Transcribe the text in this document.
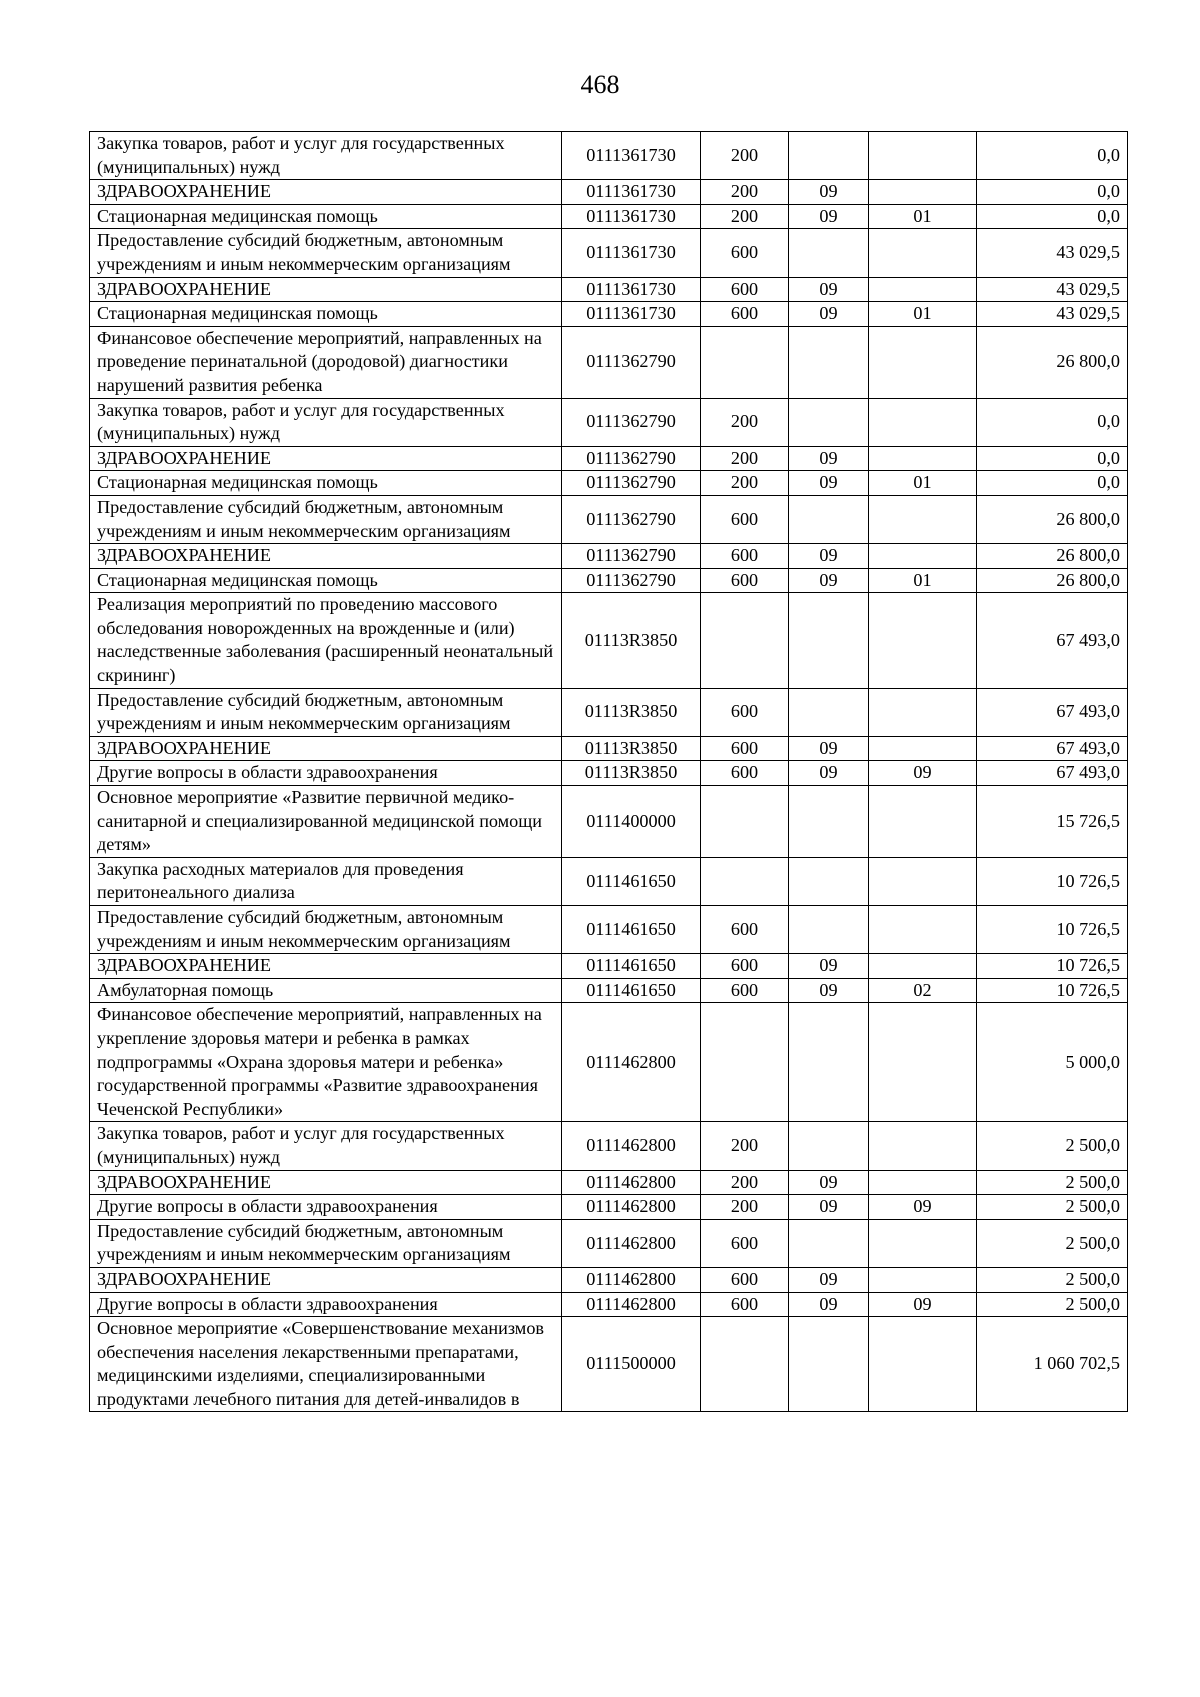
468
Закупка товаров, работ и услуг для государственных (муниципальных) нужд	0111361730	200			0,0
ЗДРАВООХРАНЕНИЕ	0111361730	200	09		0,0
Стационарная медицинская помощь	0111361730	200	09	01	0,0
Предоставление субсидий бюджетным, автономным учреждениям и иным некоммерческим организациям	0111361730	600			43 029,5
ЗДРАВООХРАНЕНИЕ	0111361730	600	09		43 029,5
Стационарная медицинская помощь	0111361730	600	09	01	43 029,5
Финансовое обеспечение мероприятий, направленных на проведение перинатальной (дородовой) диагностики нарушений развития ребенка	0111362790				26 800,0
Закупка товаров, работ и услуг для государственных (муниципальных) нужд	0111362790	200			0,0
ЗДРАВООХРАНЕНИЕ	0111362790	200	09		0,0
Стационарная медицинская помощь	0111362790	200	09	01	0,0
Предоставление субсидий бюджетным, автономным учреждениям и иным некоммерческим организациям	0111362790	600			26 800,0
ЗДРАВООХРАНЕНИЕ	0111362790	600	09		26 800,0
Стационарная медицинская помощь	0111362790	600	09	01	26 800,0
Реализация мероприятий по проведению массового обследования новорожденных на врожденные и (или) наследственные заболевания (расширенный неонатальный скрининг)	01113R3850				67 493,0
Предоставление субсидий бюджетным, автономным учреждениям и иным некоммерческим организациям	01113R3850	600			67 493,0
ЗДРАВООХРАНЕНИЕ	01113R3850	600	09		67 493,0
Другие вопросы в области здравоохранения	01113R3850	600	09	09	67 493,0
Основное мероприятие «Развитие первичной медико-санитарной и специализированной медицинской помощи детям»	0111400000				15 726,5
Закупка расходных материалов для проведения перитонеального диализа	0111461650				10 726,5
Предоставление субсидий бюджетным, автономным учреждениям и иным некоммерческим организациям	0111461650	600			10 726,5
ЗДРАВООХРАНЕНИЕ	0111461650	600	09		10 726,5
Амбулаторная помощь	0111461650	600	09	02	10 726,5
Финансовое обеспечение мероприятий, направленных на укрепление здоровья матери и ребенка в рамках подпрограммы «Охрана здоровья матери и ребенка» государственной программы «Развитие здравоохранения Чеченской Республики»	0111462800				5 000,0
Закупка товаров, работ и услуг для государственных (муниципальных) нужд	0111462800	200			2 500,0
ЗДРАВООХРАНЕНИЕ	0111462800	200	09		2 500,0
Другие вопросы в области здравоохранения	0111462800	200	09	09	2 500,0
Предоставление субсидий бюджетным, автономным учреждениям и иным некоммерческим организациям	0111462800	600			2 500,0
ЗДРАВООХРАНЕНИЕ	0111462800	600	09		2 500,0
Другие вопросы в области здравоохранения	0111462800	600	09	09	2 500,0
Основное мероприятие «Совершенствование механизмов обеспечения населения лекарственными препаратами, медицинскими изделиями, специализированными продуктами лечебного питания для детей-инвалидов в	0111500000				1 060 702,5
